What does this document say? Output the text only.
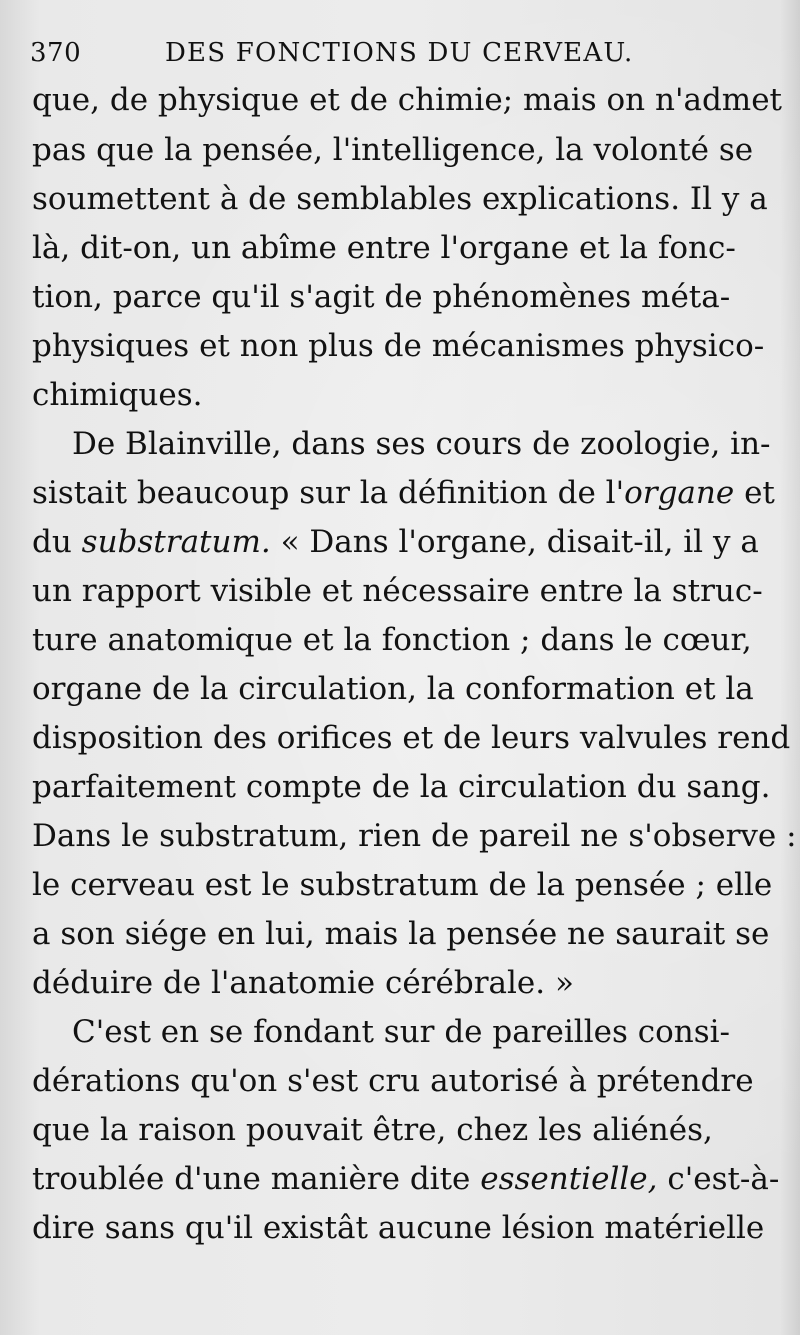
370	DES FONCTIONS DU CERVEAU.
que, de physique et de chimie; mais on n'admet
pas que la pensée, l'intelligence, la volonté se
soumettent à de semblables explications. Il y a
là, dit-on, un abîme entre l'organe et la fonc-
tion, parce qu'il s'agit de phénomènes méta-
physiques et non plus de mécanismes physico-
chimiques.
De Blainville, dans ses cours de zoologie, in-
sistait beaucoup sur la définition de l'organe et
du substratum. « Dans l'organe, disait-il, il y a
un rapport visible et nécessaire entre la struc-
ture anatomique et la fonction ; dans le cœur,
organe de la circulation, la conformation et la
disposition des orifices et de leurs valvules rend
parfaitement compte de la circulation du sang.
Dans le substratum, rien de pareil ne s'observe :
le cerveau est le substratum de la pensée ; elle
a son siége en lui, mais la pensée ne saurait se
déduire de l'anatomie cérébrale. »
C'est en se fondant sur de pareilles consi-
dérations qu'on s'est cru autorisé à prétendre
que la raison pouvait être, chez les aliénés,
troublée d'une manière dite essentielle, c'est-à-
dire sans qu'il existât aucune lésion matérielle
